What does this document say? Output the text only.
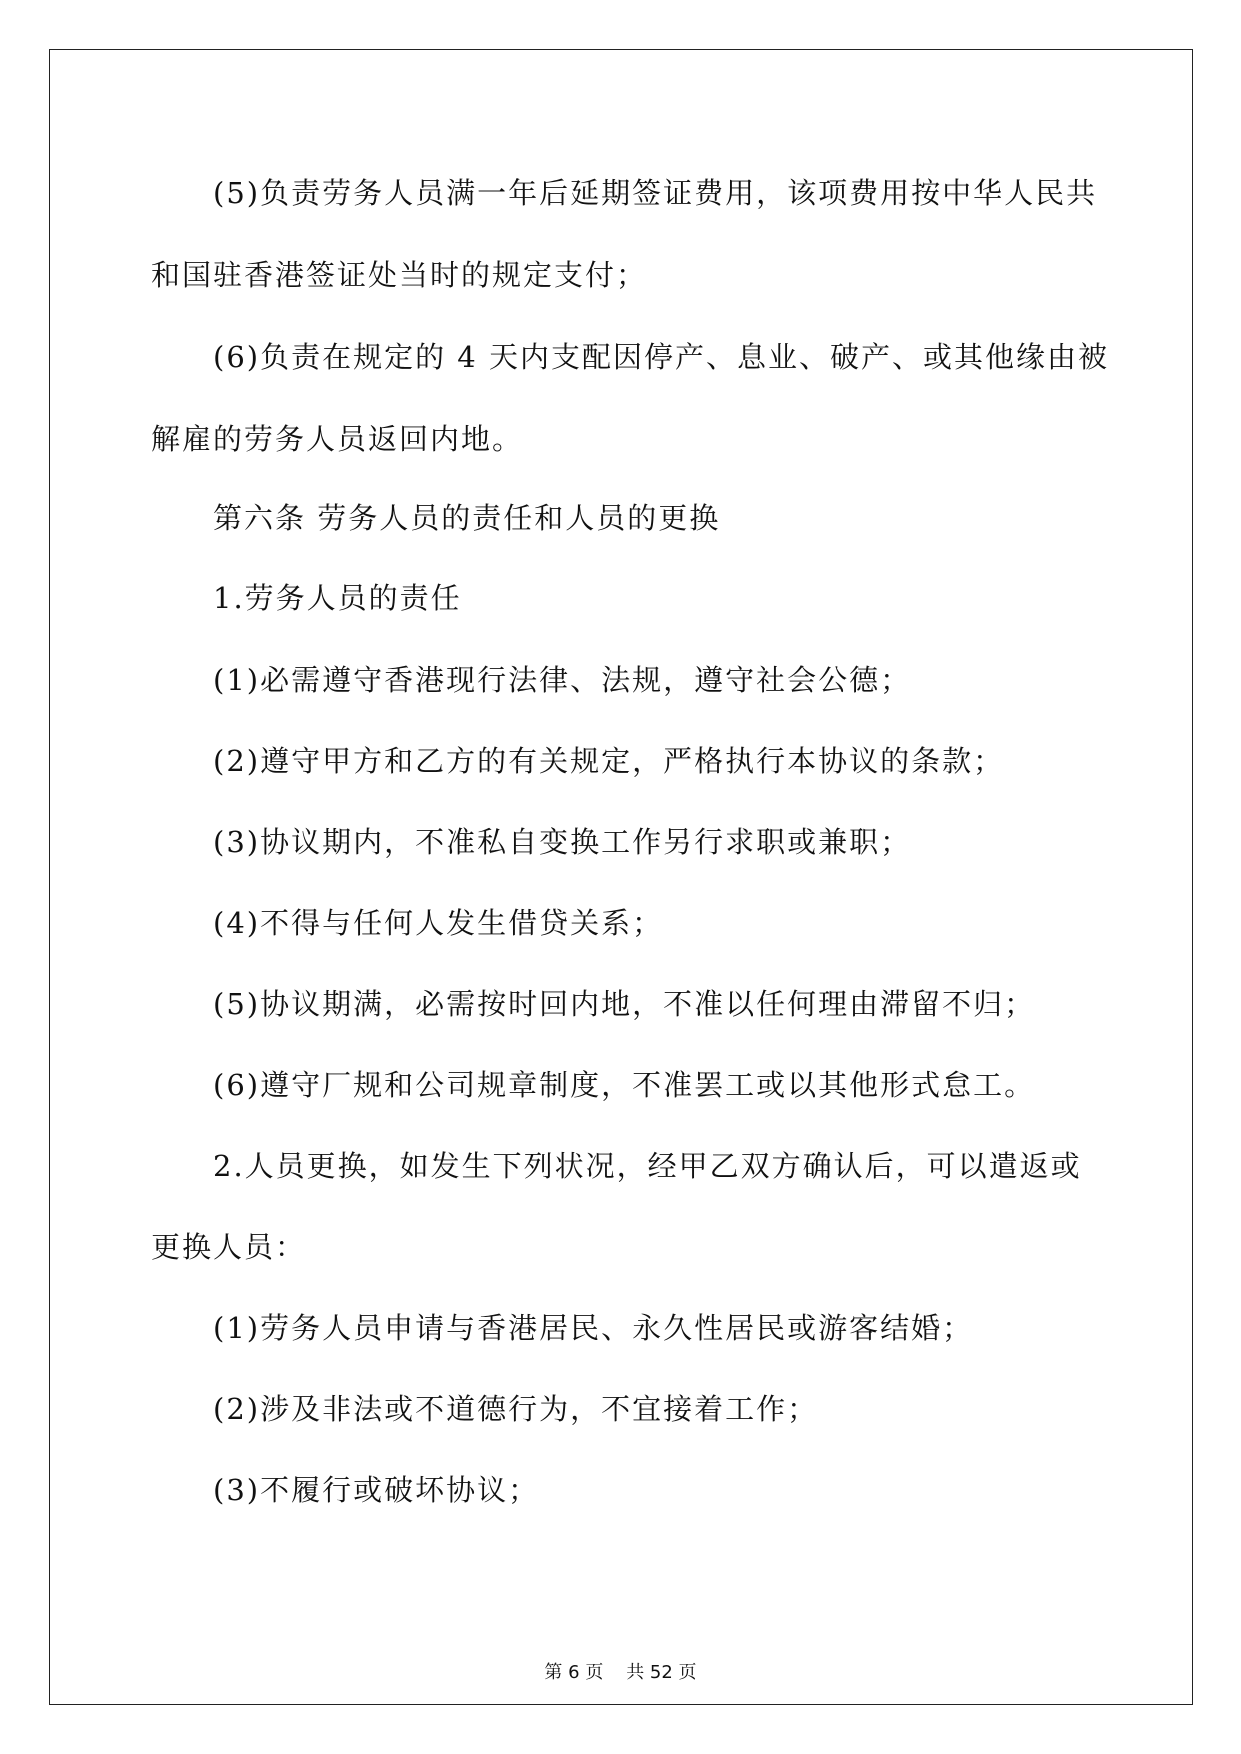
(5)负责劳务人员满一年后延期签证费用，该项费用按中华人民共
和国驻香港签证处当时的规定支付；
(6)负责在规定的 4 天内支配因停产、息业、破产、或其他缘由被
解雇的劳务人员返回内地。
第六条 劳务人员的责任和人员的更换
1.劳务人员的责任
(1)必需遵守香港现行法律、法规，遵守社会公德；
(2)遵守甲方和乙方的有关规定，严格执行本协议的条款；
(3)协议期内，不准私自变换工作另行求职或兼职；
(4)不得与任何人发生借贷关系；
(5)协议期满，必需按时回内地，不准以任何理由滞留不归；
(6)遵守厂规和公司规章制度，不准罢工或以其他形式怠工。
2.人员更换，如发生下列状况，经甲乙双方确认后，可以遣返或
更换人员：
(1)劳务人员申请与香港居民、永久性居民或游客结婚；
(2)涉及非法或不道德行为，不宜接着工作；
(3)不履行或破坏协议；
第 6 页    共 52 页
